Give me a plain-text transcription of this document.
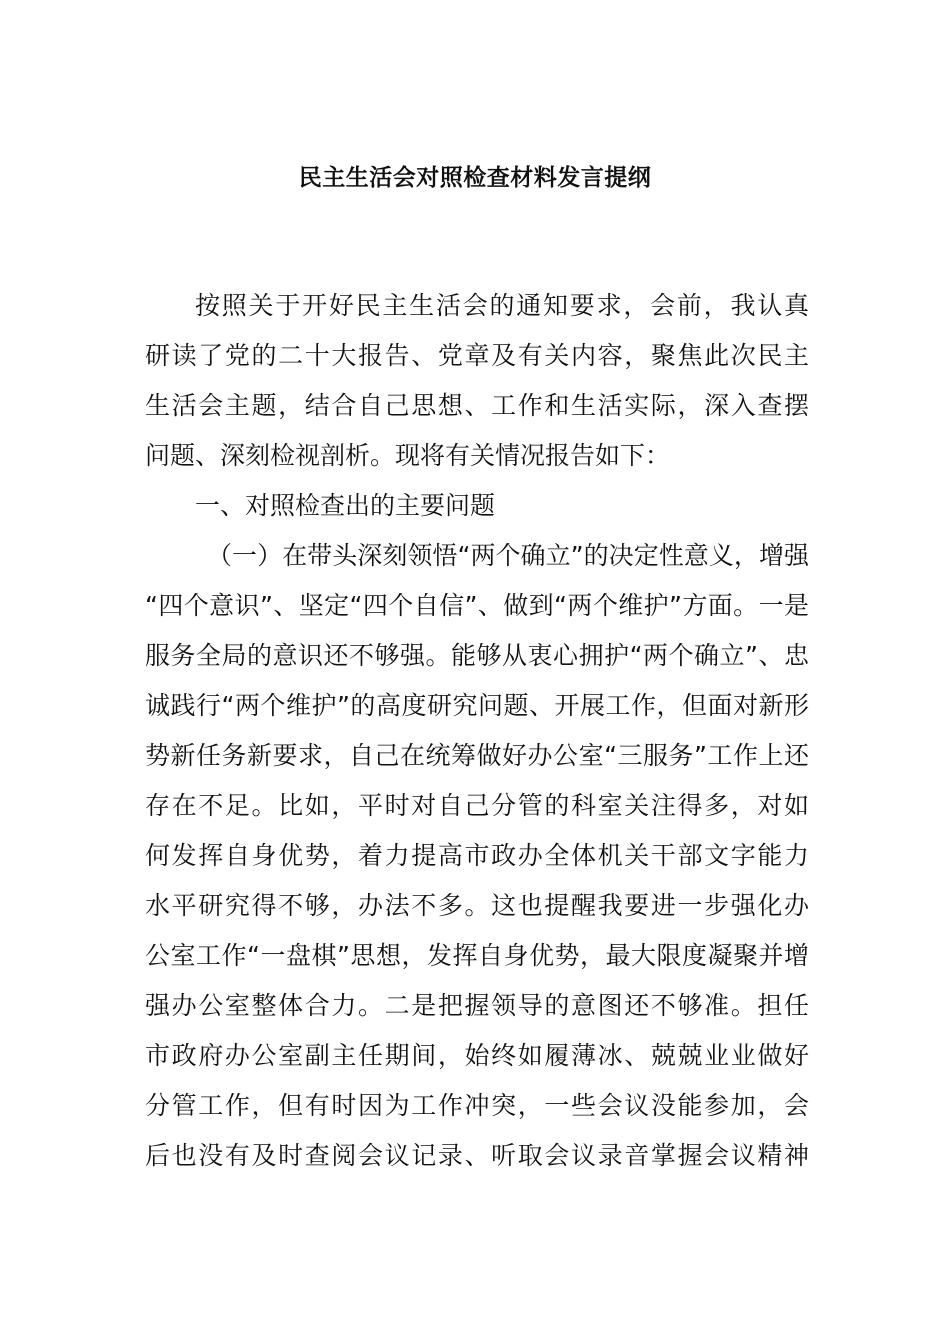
民主生活会对照检查材料发言提纲
按照关于开好民主生活会的通知要求，会前，我认真
研读了党的二十大报告、党章及有关内容，聚焦此次民主
生活会主题，结合自己思想、工作和生活实际，深入查摆
问题、深刻检视剖析。现将有关情况报告如下：
一、对照检查出的主要问题
（一）在带头深刻领悟“两个确立”的决定性意义，增强
“四个意识”、坚定“四个自信”、做到“两个维护”方面。一是
服务全局的意识还不够强。能够从衷心拥护“两个确立”、忠
诚践行“两个维护”的高度研究问题、开展工作，但面对新形
势新任务新要求，自己在统筹做好办公室“三服务”工作上还
存在不足。比如，平时对自己分管的科室关注得多，对如
何发挥自身优势，着力提高市政办全体机关干部文字能力
水平研究得不够，办法不多。这也提醒我要进一步强化办
公室工作“一盘棋”思想，发挥自身优势，最大限度凝聚并增
强办公室整体合力。二是把握领导的意图还不够准。担任
市政府办公室副主任期间，始终如履薄冰、兢兢业业做好
分管工作，但有时因为工作冲突，一些会议没能参加，会
后也没有及时查阅会议记录、听取会议录音掌握会议精神
